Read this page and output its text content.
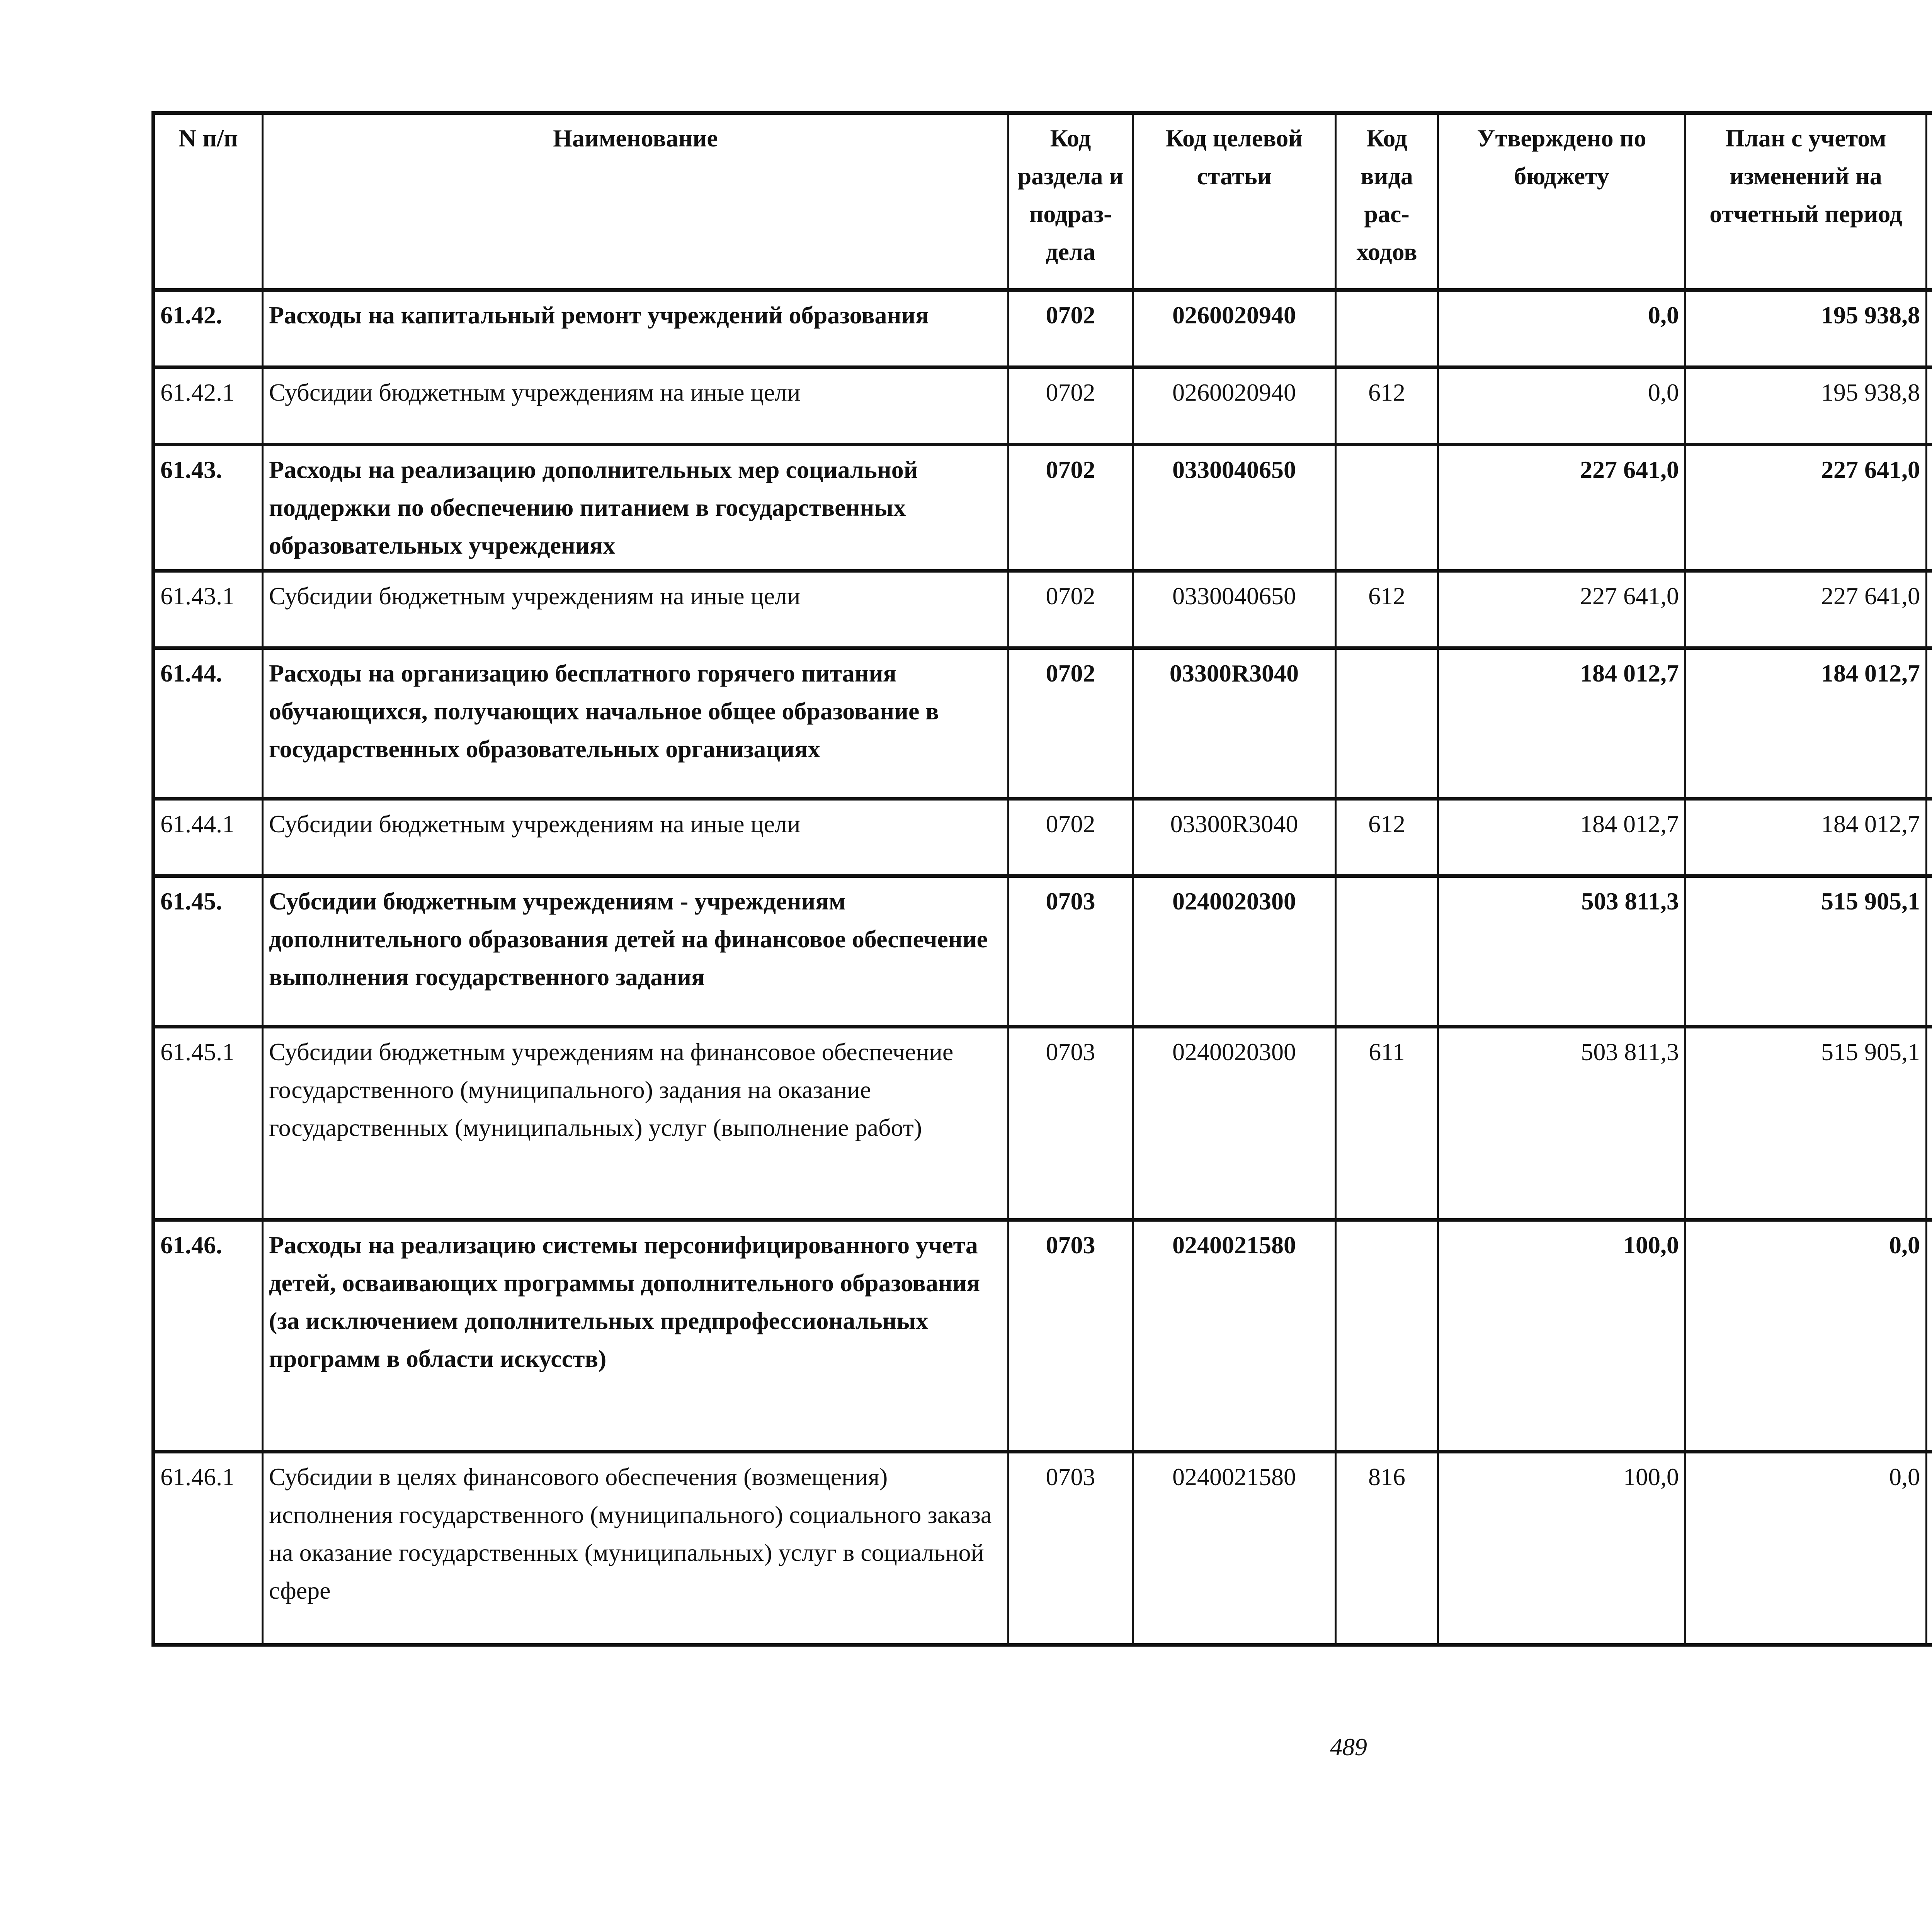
N п/п	Наименование	Код раздела и подраз-дела	Код целевой статьи	Код вида рас-ходов	Утверждено по бюджету	План с учетом изменений на отчетный период		

61.42.	Расходы на капитальный ремонт учреждений образования	0702	0260020940		0,0	195 938,8			
61.42.1	Субсидии бюджетным учреждениям на иные цели	0702	0260020940	612	0,0	195 938,8			
61.43.	Расходы на реализацию дополнительных мер социальной поддержки по обеспечению питанием в государственных образовательных учреждениях	0702	0330040650		227 641,0	227 641,0			
61.43.1	Субсидии бюджетным учреждениям на иные цели	0702	0330040650	612	227 641,0	227 641,0			
61.44.	Расходы на организацию бесплатного горячего питания обучающихся, получающих начальное общее образование в государственных образовательных организациях	0702	03300R3040		184 012,7	184 012,7			
61.44.1	Субсидии бюджетным учреждениям на иные цели	0702	03300R3040	612	184 012,7	184 012,7			
61.45.	Субсидии бюджетным учреждениям - учреждениям дополнительного образования детей на финансовое обеспечение выполнения государственного задания	0703	0240020300		503 811,3	515 905,1			
61.45.1	Субсидии бюджетным учреждениям на финансовое обеспечение государственного (муниципального) задания на оказание государственных (муниципальных) услуг (выполнение работ)	0703	0240020300	611	503 811,3	515 905,1			
61.46.	Расходы на реализацию системы персонифицированного учета детей, осваивающих программы дополнительного образования (за исключением дополнительных предпрофессиональных программ в области искусств)	0703	0240021580		100,0	0,0			
61.46.1	Субсидии в целях финансового обеспечения (возмещения) исполнения государственного (муниципального) социального заказа на оказание государственных (муниципальных) услуг в социальной сфере	0703	0240021580	816	100,0	0,0			
489
